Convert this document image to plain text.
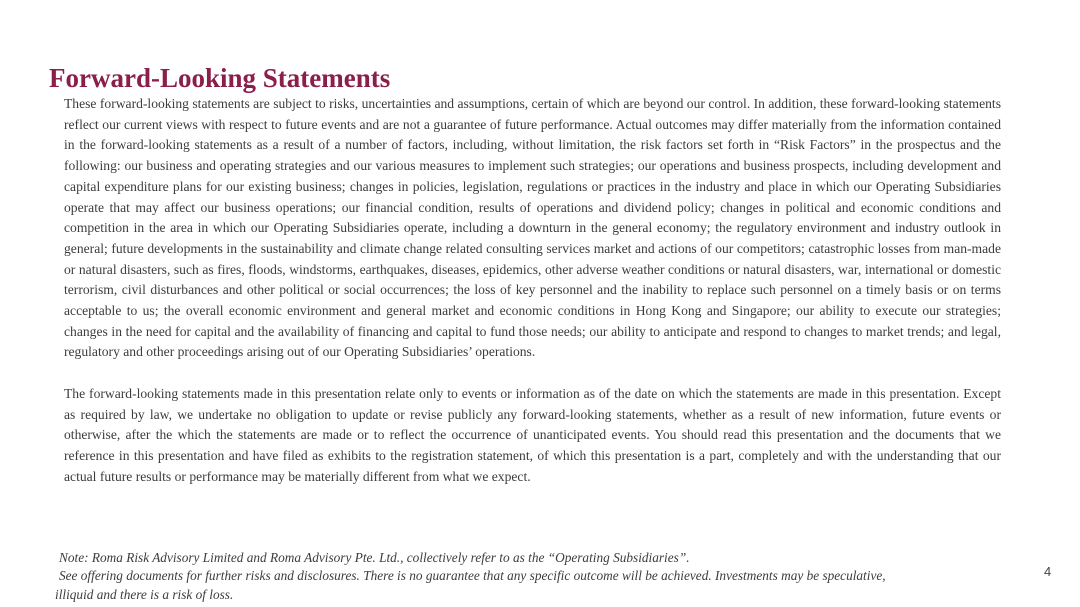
Forward-Looking Statements

These forward-looking statements are subject to risks, uncertainties and assumptions, certain of which are beyond our control. In addition, these forward-looking statements reflect our current views with respect to future events and are not a guarantee of future performance. Actual outcomes may differ materially from the information contained in the forward-looking statements as a result of a number of factors, including, without limitation, the risk factors set forth in “Risk Factors” in the prospectus and the following: our business and operating strategies and our various measures to implement such strategies; our operations and business prospects, including development and capital expenditure plans for our existing business; changes in policies, legislation, regulations or practices in the industry and place in which our Operating Subsidiaries operate that may affect our business operations; our financial condition, results of operations and dividend policy; changes in political and economic conditions and competition in the area in which our Operating Subsidiaries operate, including a downturn in the general economy; the regulatory environment and industry outlook in general; future developments in the sustainability and climate change related consulting services market and actions of our competitors; catastrophic losses from man-made or natural disasters, such as fires, floods, windstorms, earthquakes, diseases, epidemics, other adverse weather conditions or natural disasters, war, international or domestic terrorism, civil disturbances and other political or social occurrences; the loss of key personnel and the inability to replace such personnel on a timely basis or on terms acceptable to us; the overall economic environment and general market and economic conditions in Hong Kong and Singapore; our ability to execute our strategies; changes in the need for capital and the availability of financing and capital to fund those needs; our ability to anticipate and respond to changes to market trends; and legal, regulatory and other proceedings arising out of our Operating Subsidiaries’ operations.

The forward-looking statements made in this presentation relate only to events or information as of the date on which the statements are made in this presentation. Except as required by law, we undertake no obligation to update or revise publicly any forward-looking statements, whether as a result of new information, future events or otherwise, after the which the statements are made or to reflect the occurrence of unanticipated events. You should read this presentation and the documents that we reference in this presentation and have filed as exhibits to the registration statement, of which this presentation is a part, completely and with the understanding that our actual future results or performance may be materially different from what we expect.

Note: Roma Risk Advisory Limited and Roma Advisory Pte. Ltd., collectively refer to as the “Operating Subsidiaries”.
See offering documents for further risks and disclosures. There is no guarantee that any specific outcome will be achieved. Investments may be speculative,
illiquid and there is a risk of loss.
4
